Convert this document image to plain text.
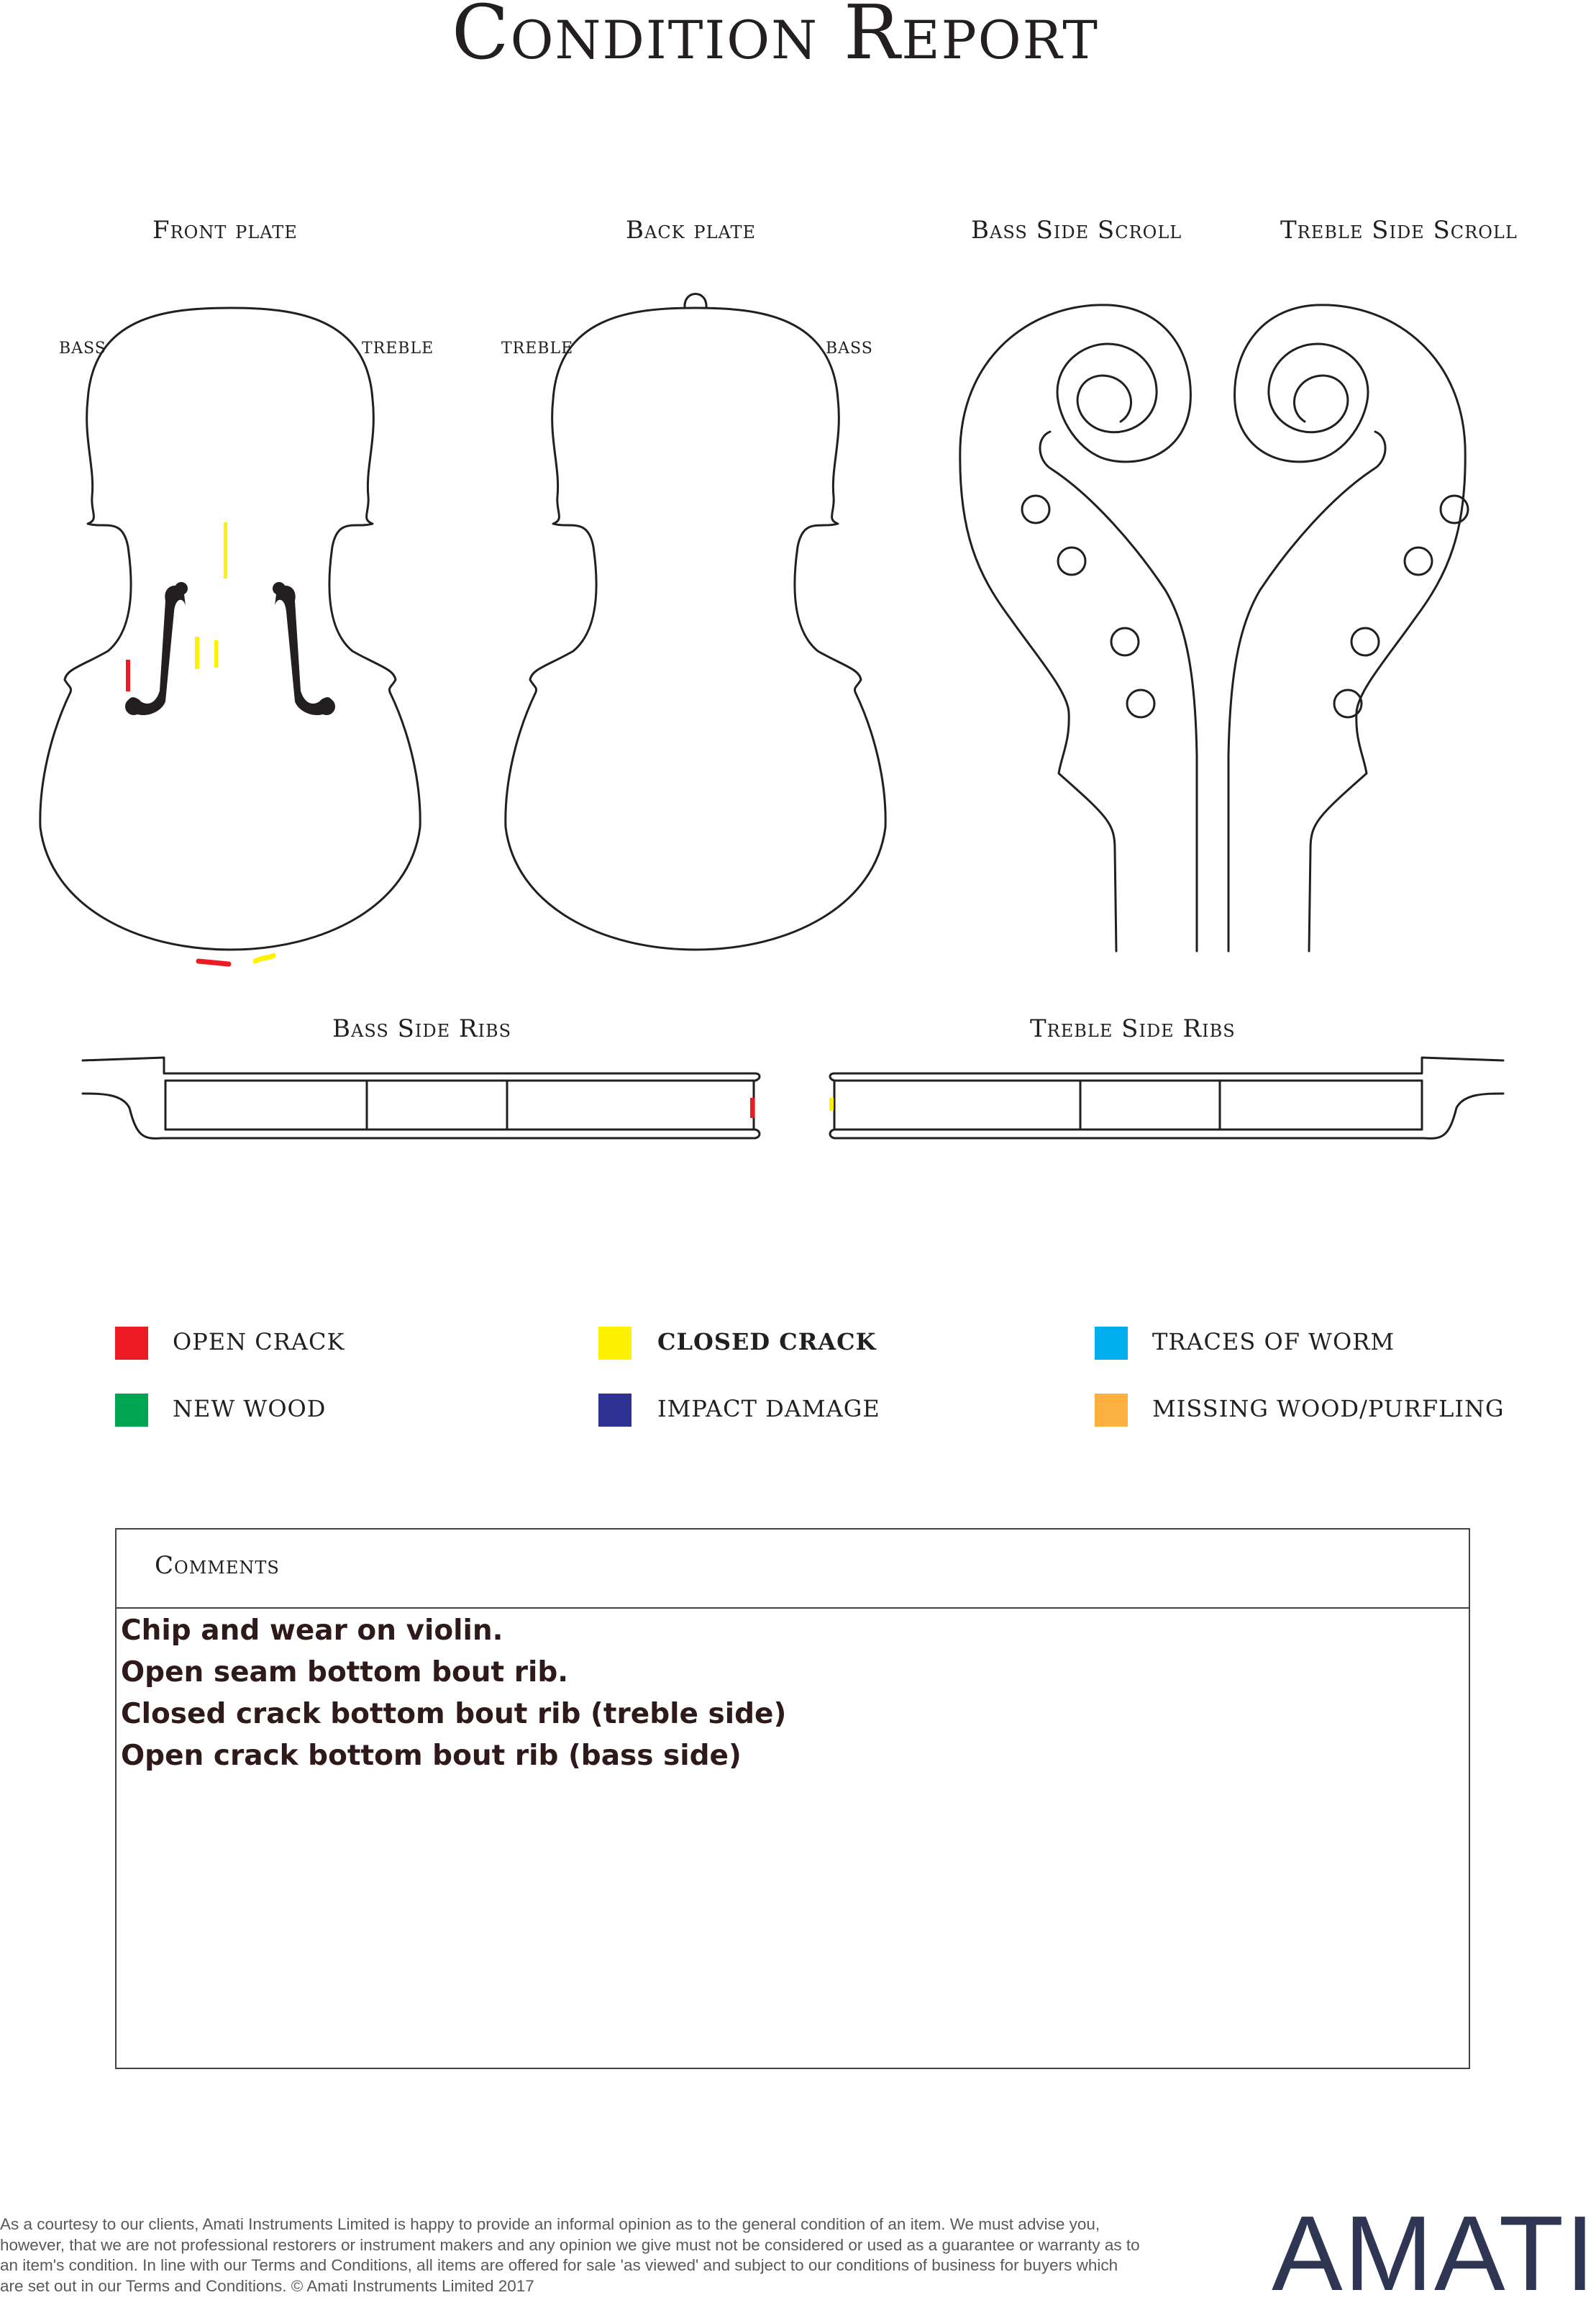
Condition Report
Front plate	Back plate	Bass Side Scroll	Treble Side Scroll
Bass Side Ribs	Treble Side Ribs
BASS	TREBLE	TREBLE	BASS
OPEN CRACK	CLOSED CRACK	TRACES OF WORM
NEW WOOD	IMPACT DAMAGE	MISSING WOOD/PURFLING
Comments
Chip and wear on violin.
Open seam bottom bout rib.
Closed crack bottom bout rib (treble side)
Open crack bottom bout rib (bass side)
As a courtesy to our clients, Amati Instruments Limited is happy to provide an informal opinion as to the general condition of an item. We must advise you, however, that we are not professional restorers or instrument makers and any opinion we give must not be considered or used as a guarantee or warranty as to an item's condition. In line with our Terms and Conditions, all items are offered for sale 'as viewed' and subject to our conditions of business for buyers which are set out in our Terms and Conditions. © Amati Instruments Limited 2017	AMATI
